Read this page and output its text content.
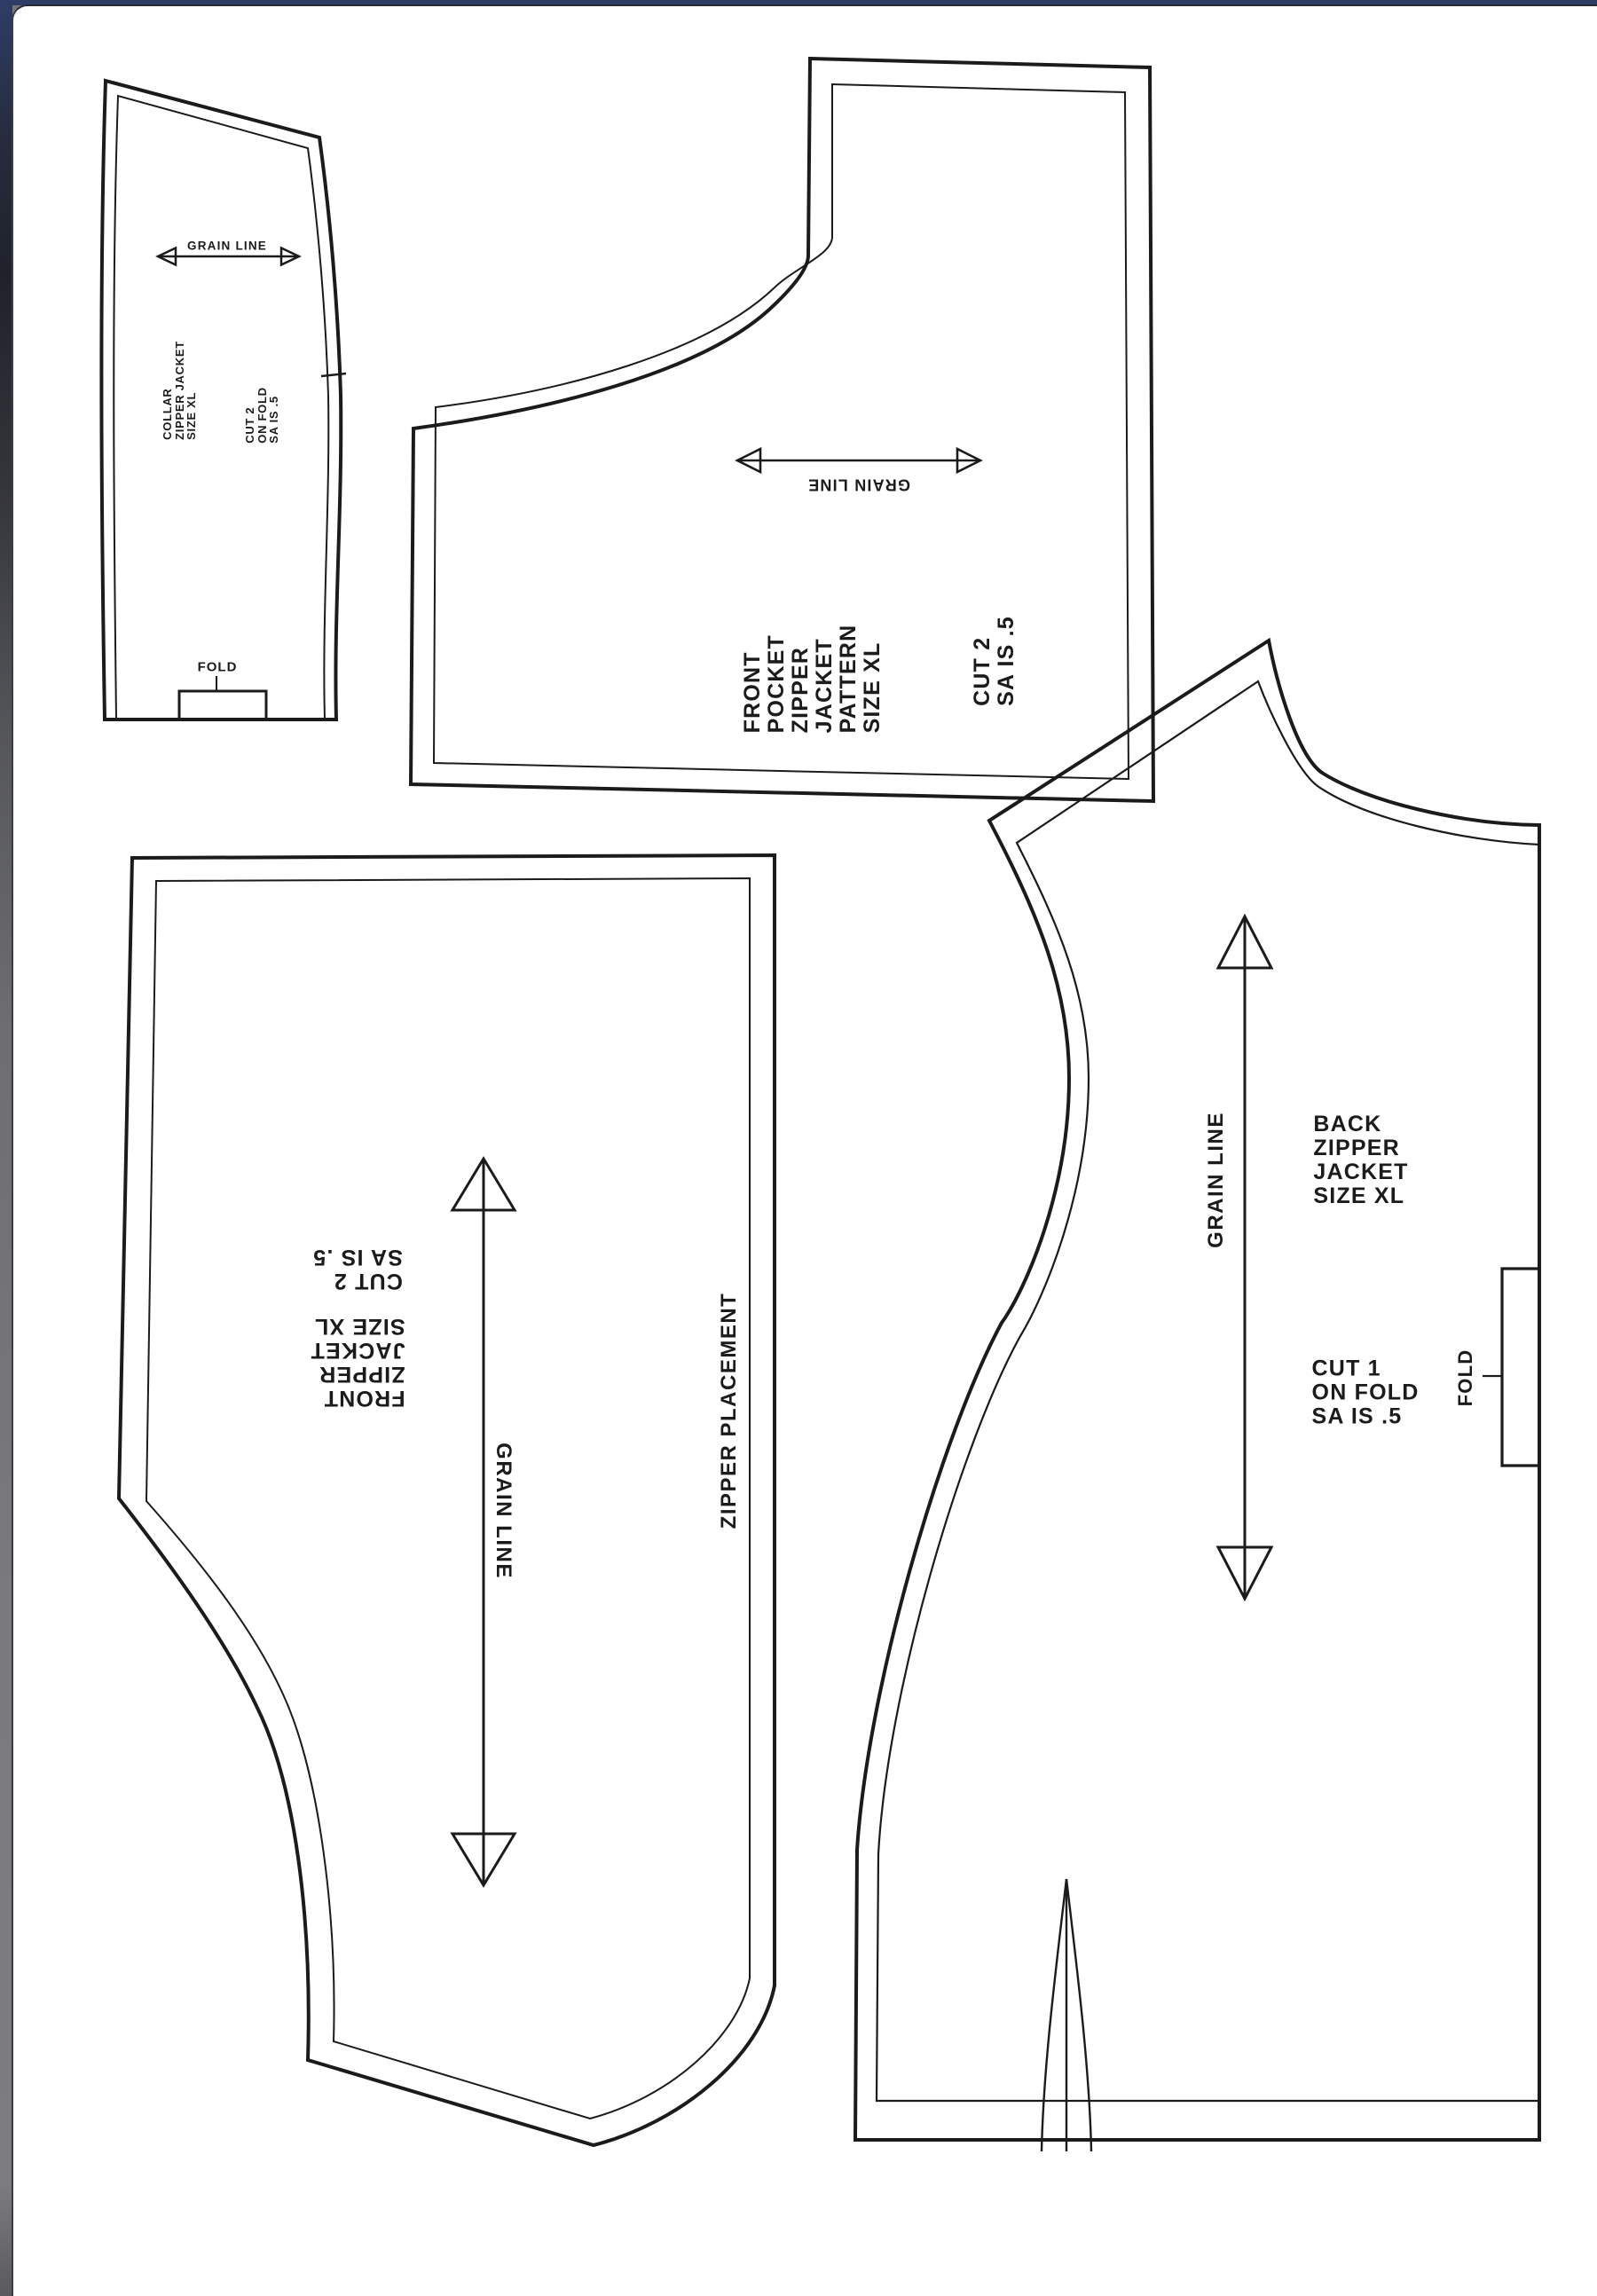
GRAIN LINE
COLLAR
ZIPPER JACKET
SIZE XL	CUT 2
ON FOLD
SA IS .5
FOLD
GRAIN LINE
FRONT POCKET ZIPPER JACKET PATTERN SIZE XL	CUT 2 SA IS .5
CUT 2
SA IS .5
FRONT
ZIPPER
JACKET
SIZE XL
GRAIN LINE	ZIPPER PLACEMENT
GRAIN LINE	BACK
ZIPPER
JACKET
SIZE XL
FOLD
CUT 1
ON FOLD
SA IS .5
